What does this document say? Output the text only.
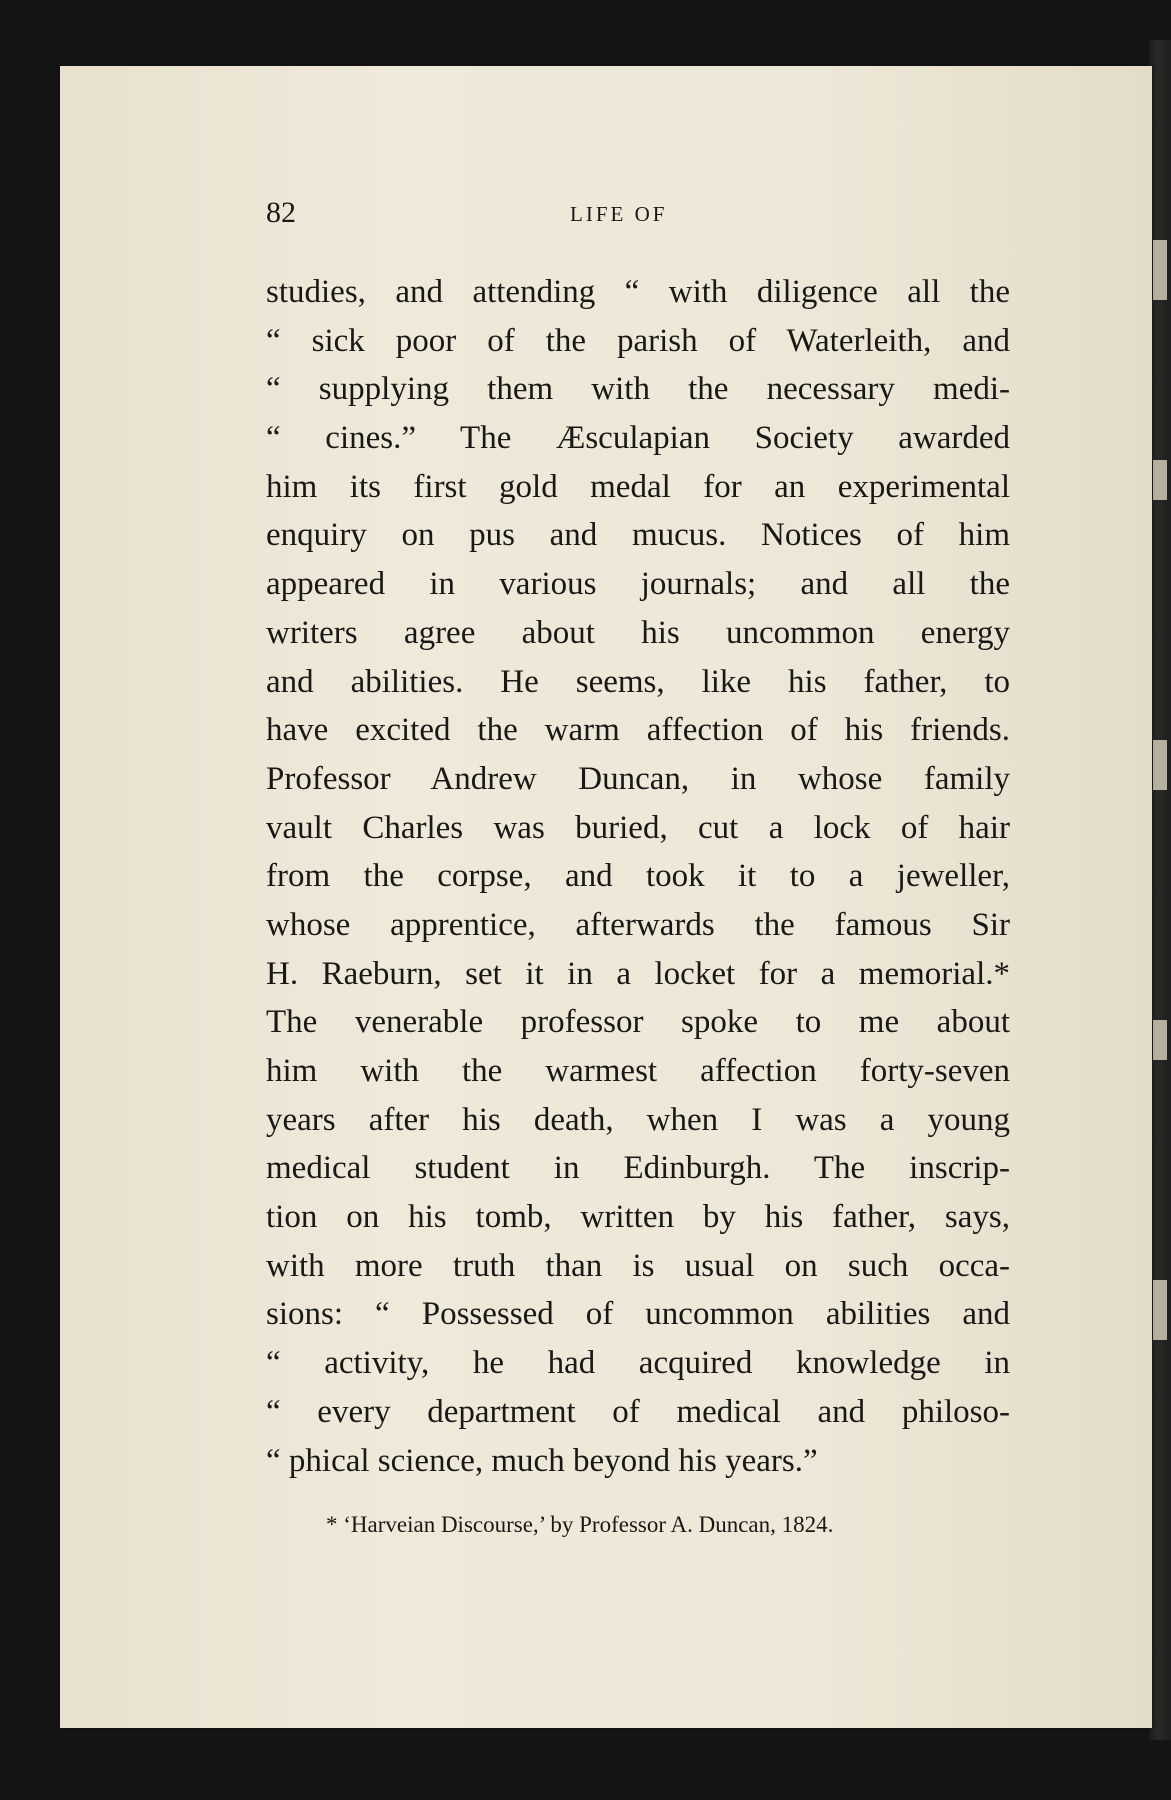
82	LIFE OF
studies, and attending “ with diligence all the
“ sick poor of the parish of Waterleith, and
“ supplying them with the necessary medi-
“ cines.” The Æsculapian Society awarded
him its first gold medal for an experimental
enquiry on pus and mucus. Notices of him
appeared in various journals; and all the
writers agree about his uncommon energy
and abilities. He seems, like his father, to
have excited the warm affection of his friends.
Professor Andrew Duncan, in whose family
vault Charles was buried, cut a lock of hair
from the corpse, and took it to a jeweller,
whose apprentice, afterwards the famous Sir
H. Raeburn, set it in a locket for a memorial.*
The venerable professor spoke to me about
him with the warmest affection forty-seven
years after his death, when I was a young
medical student in Edinburgh. The inscrip-
tion on his tomb, written by his father, says,
with more truth than is usual on such occa-
sions: “ Possessed of uncommon abilities and
“ activity, he had acquired knowledge in
“ every department of medical and philoso-
“ phical science, much beyond his years.”
* ‘Harveian Discourse,’ by Professor A. Duncan, 1824.
